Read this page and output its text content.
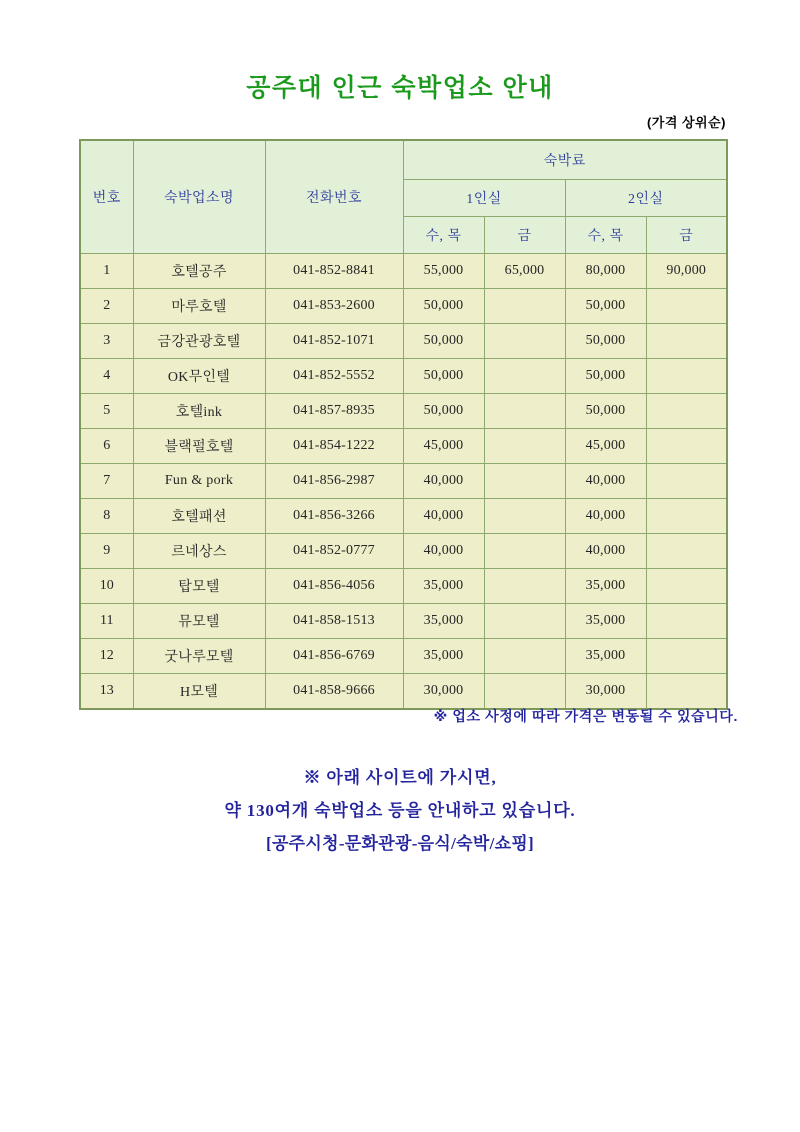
공주대 인근 숙박업소 안내
(가격 상위순)
번호	숙박업소명	전화번호	숙박료			
			1인실		2인실	
			수, 목	금	수, 목	금
1	호텔공주	041-852-8841	55,000	65,000	80,000	90,000
2	마루호텔	041-853-2600	50,000		50,000	
3	금강관광호텔	041-852-1071	50,000		50,000	
4	OK무인텔	041-852-5552	50,000		50,000	
5	호텔ink	041-857-8935	50,000		50,000	
6	블랙펄호텔	041-854-1222	45,000		45,000	
7	Fun & pork	041-856-2987	40,000		40,000	
8	호텔패션	041-856-3266	40,000		40,000	
9	르네상스	041-852-0777	40,000		40,000	
10	탑모텔	041-856-4056	35,000		35,000	
11	뮤모텔	041-858-1513	35,000		35,000	
12	굿나루모텔	041-856-6769	35,000		35,000	
13	H모텔	041-858-9666	30,000		30,000	
※ 업소 사정에 따라 가격은 변동될 수 있습니다.
※ 아래 사이트에 가시면,
약 130여개 숙박업소 등을 안내하고 있습니다.
[공주시청-문화관광-음식/숙박/쇼핑]
